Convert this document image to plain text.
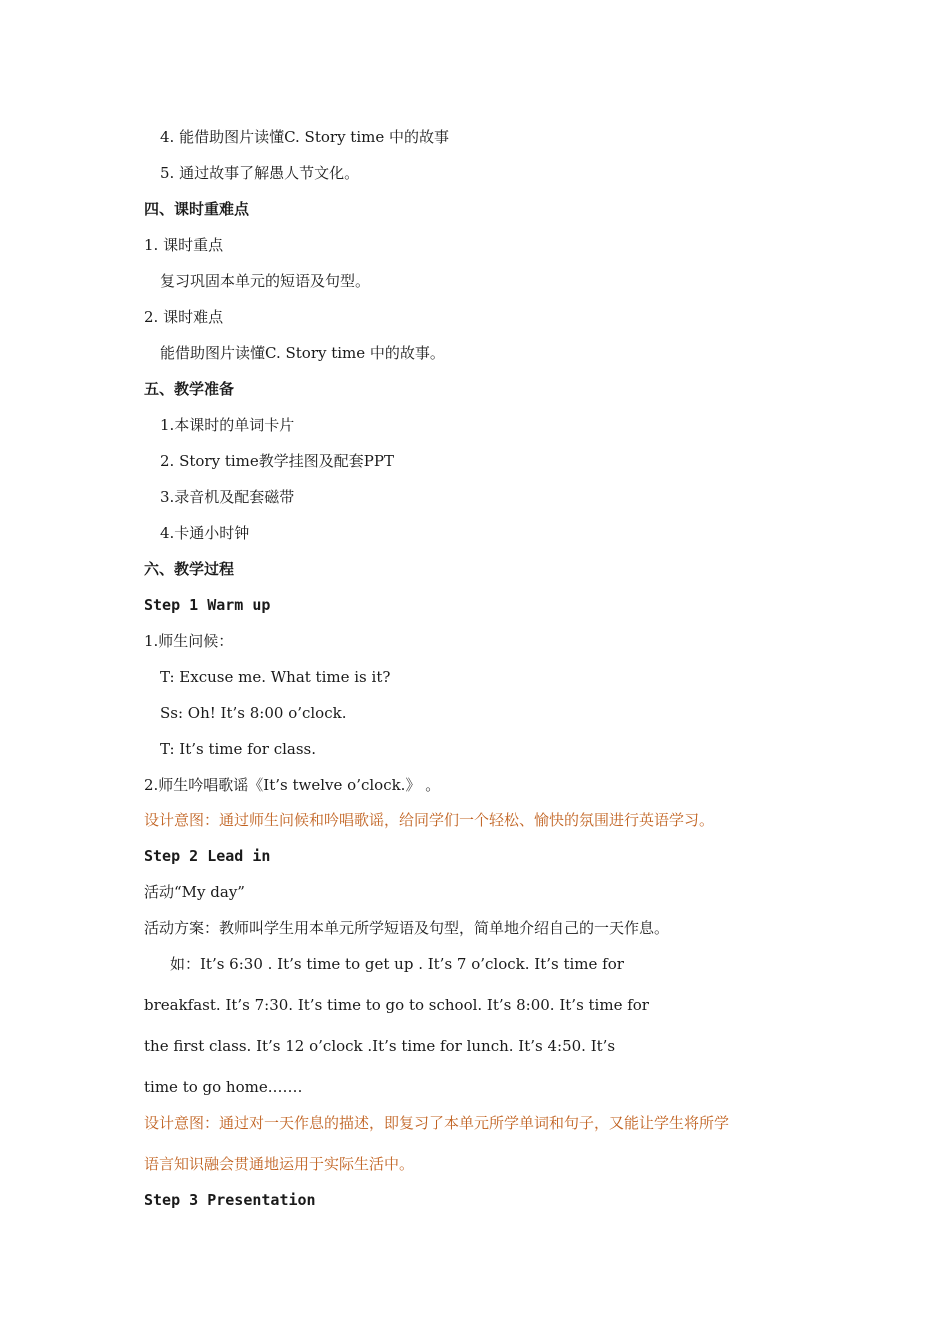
4. 能借助图片读懂C. Story time 中的故事
5. 通过故事了解愚人节文化。
四、课时重难点
1. 课时重点
复习巩固本单元的短语及句型。
2. 课时难点
能借助图片读懂C. Story time 中的故事。
五、教学准备
1.本课时的单词卡片
2. Story time教学挂图及配套PPT
3.录音机及配套磁带
4.卡通小时钟
六、教学过程
Step 1 Warm up
1.师生问候：
T: Excuse me. What time is it?
Ss: Oh! It’s 8:00 o’clock.
T: It’s time for class.
2.师生吟唱歌谣《It’s twelve o’clock.》 。
设计意图：通过师生问候和吟唱歌谣，给同学们一个轻松、愉快的氛围进行英语学习。
Step 2 Lead in
活动“My day”
活动方案：教师叫学生用本单元所学短语及句型，简单地介绍自己的一天作息。
如：It’s 6:30 . It’s time to get up . It’s 7 o’clock. It’s time for
breakfast. It’s 7:30. It’s time to go to school. It’s 8:00. It’s time for
the first class. It’s 12 o’clock .It’s time for lunch. It’s 4:50. It’s
time to go home.……
设计意图：通过对一天作息的描述，即复习了本单元所学单词和句子，又能让学生将所学
语言知识融会贯通地运用于实际生活中。
Step 3 Presentation
